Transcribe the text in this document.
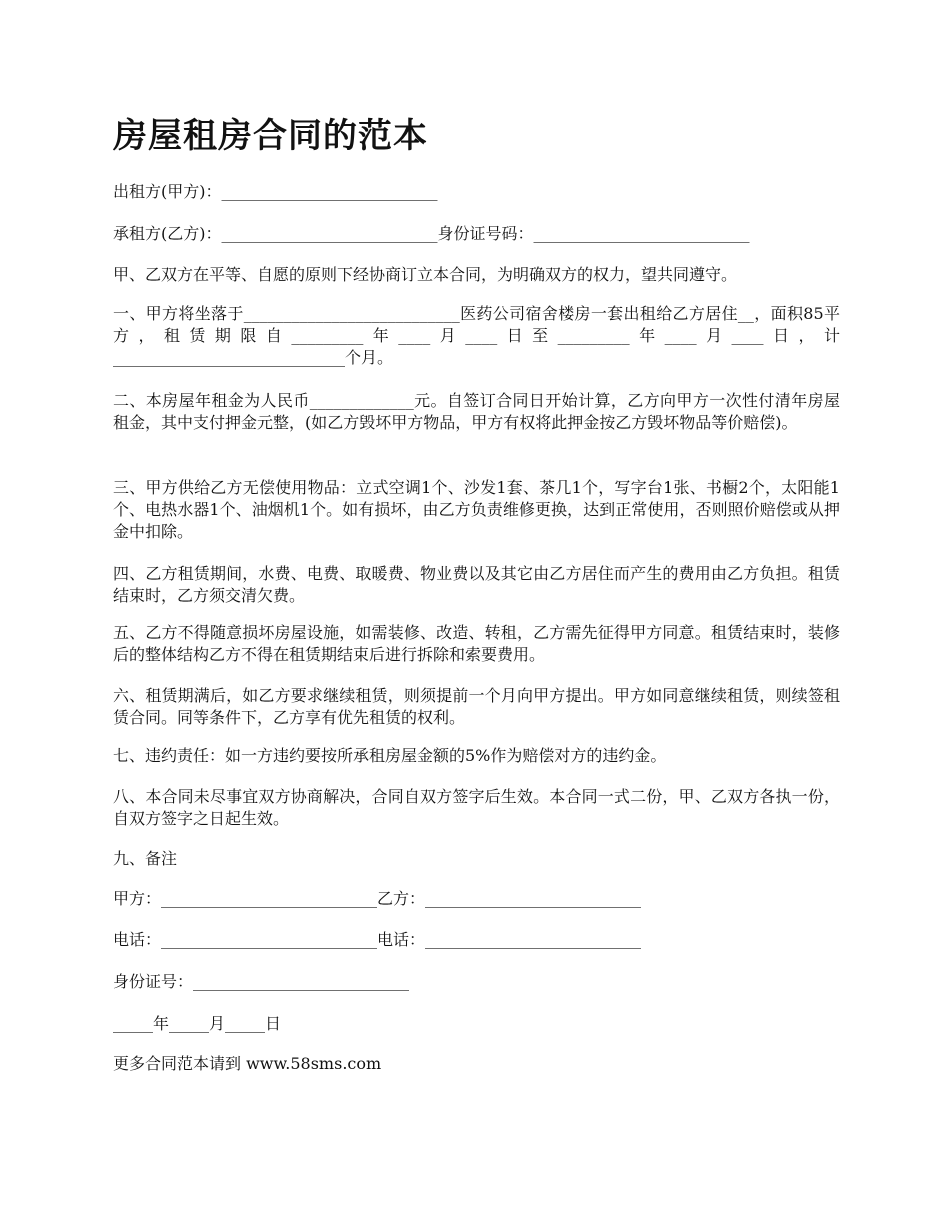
房屋租房合同的范本

出租方(甲方)：___________________________

承租方(乙方)：___________________________身份证号码：___________________________

甲、乙双方在平等、自愿的原则下经协商订立本合同，为明确双方的权力，望共同遵守。

一、甲方将坐落于___________________________医药公司宿舍楼房一套出租给乙方居住__，面积85平方，租赁期限自_________年____月____日至_________年____月____日，计_____________________________个月。

二、本房屋年租金为人民币_____________元。自签订合同日开始计算，乙方向甲方一次性付清年房屋租金，其中支付押金元整，(如乙方毁坏甲方物品，甲方有权将此押金按乙方毁坏物品等价赔偿)。

三、甲方供给乙方无偿使用物品：立式空调1个、沙发1套、茶几1个，写字台1张、书橱2个，太阳能1个、电热水器1个、油烟机1个。如有损坏，由乙方负责维修更换，达到正常使用，否则照价赔偿或从押金中扣除。

四、乙方租赁期间，水费、电费、取暖费、物业费以及其它由乙方居住而产生的费用由乙方负担。租赁结束时，乙方须交清欠费。

五、乙方不得随意损坏房屋设施，如需装修、改造、转租，乙方需先征得甲方同意。租赁结束时，装修后的整体结构乙方不得在租赁期结束后进行拆除和索要费用。

六、租赁期满后，如乙方要求继续租赁，则须提前一个月向甲方提出。甲方如同意继续租赁，则续签租赁合同。同等条件下，乙方享有优先租赁的权利。

七、违约责任：如一方违约要按所承租房屋金额的5%作为赔偿对方的违约金。

八、本合同未尽事宜双方协商解决，合同自双方签字后生效。本合同一式二份，甲、乙双方各执一份，自双方签字之日起生效。

九、备注

甲方：___________________________乙方：___________________________

电话：___________________________电话：___________________________

身份证号：___________________________

_____年_____月_____日

更多合同范本请到 www.58sms.com
